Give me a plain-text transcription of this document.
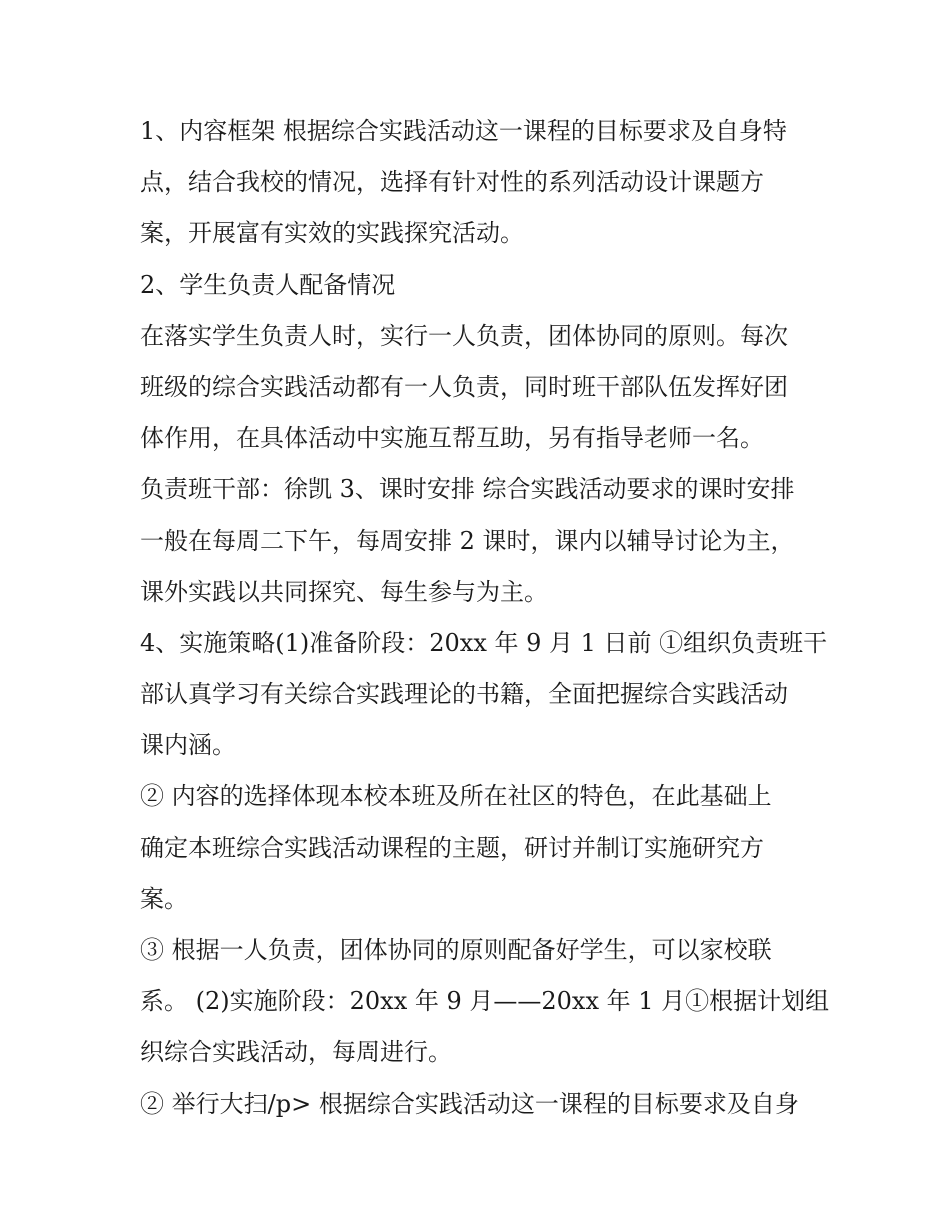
1、内容框架 根据综合实践活动这一课程的目标要求及自身特

点，结合我校的情况，选择有针对性的系列活动设计课题方

案，开展富有实效的实践探究活动。

2、学生负责人配备情况

在落实学生负责人时，实行一人负责，团体协同的原则。每次

班级的综合实践活动都有一人负责，同时班干部队伍发挥好团

体作用，在具体活动中实施互帮互助，另有指导老师一名。

负责班干部：徐凯 3、课时安排 综合实践活动要求的课时安排

一般在每周二下午，每周安排 2 课时，课内以辅导讨论为主，

课外实践以共同探究、每生参与为主。

4、实施策略(1)准备阶段：20xx 年 9 月 1 日前 ①组织负责班干

部认真学习有关综合实践理论的书籍，全面把握综合实践活动

课内涵。

② 内容的选择体现本校本班及所在社区的特色，在此基础上

确定本班综合实践活动课程的主题，研讨并制订实施研究方

案。

③ 根据一人负责，团体协同的原则配备好学生，可以家校联

系。 (2)实施阶段：20xx 年 9 月——20xx 年 1 月①根据计划组

织综合实践活动，每周进行。

② 举行大扫/p> 根据综合实践活动这一课程的目标要求及自身
